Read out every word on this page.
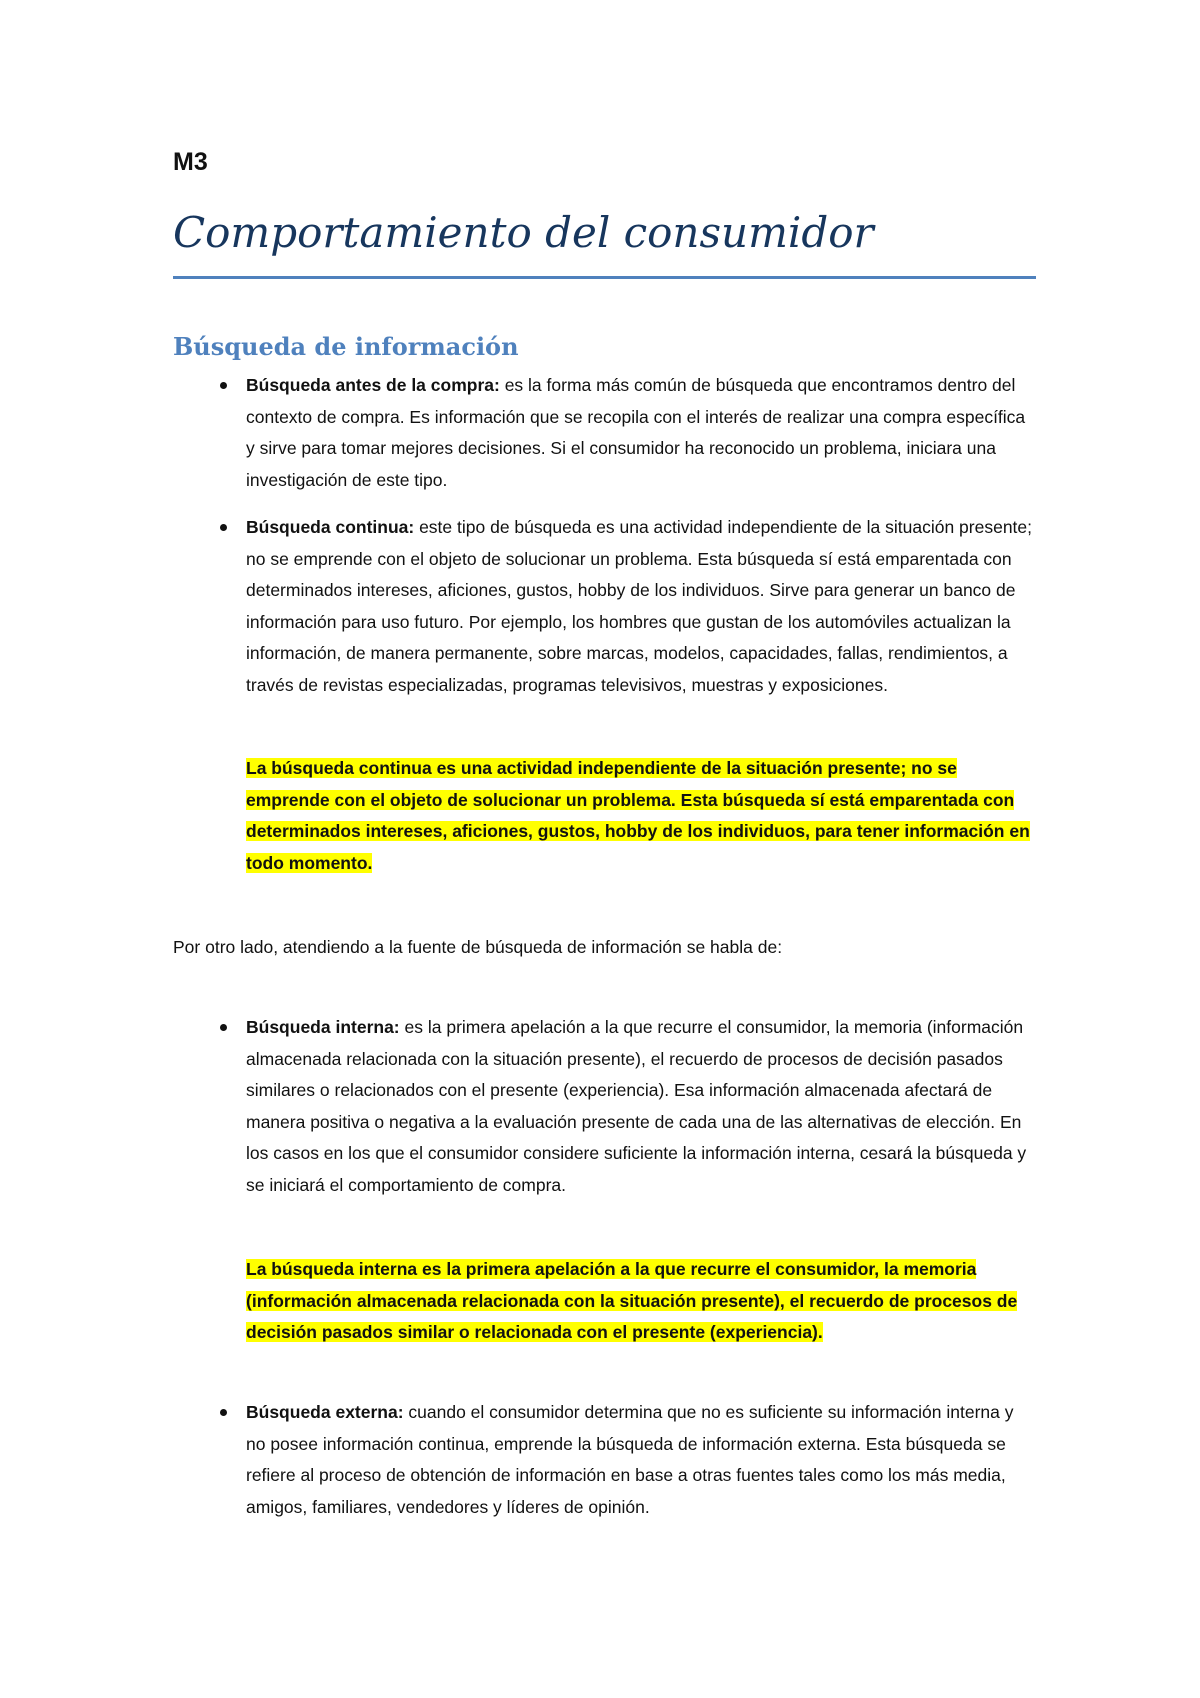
M3
Comportamiento del consumidor
Búsqueda de información
Búsqueda antes de la compra: es la forma más común de búsqueda que encontramos dentro del contexto de compra. Es información que se recopila con el interés de realizar una compra específica y sirve para tomar mejores decisiones. Si el consumidor ha reconocido un problema, iniciara una investigación de este tipo.
Búsqueda continua: este tipo de búsqueda es una actividad independiente de la situación presente; no se emprende con el objeto de solucionar un problema. Esta búsqueda sí está emparentada con determinados intereses, aficiones, gustos, hobby de los individuos. Sirve para generar un banco de información para uso futuro. Por ejemplo, los hombres que gustan de los automóviles actualizan la información, de manera permanente, sobre marcas, modelos, capacidades, fallas, rendimientos, a través de revistas especializadas, programas televisivos, muestras y exposiciones.

La búsqueda continua es una actividad independiente de la situación presente; no se emprende con el objeto de solucionar un problema. Esta búsqueda sí está emparentada con determinados intereses, aficiones, gustos, hobby de los individuos, para tener información en todo momento.

Por otro lado, atendiendo a la fuente de búsqueda de información se habla de:

Búsqueda interna: es la primera apelación a la que recurre el consumidor, la memoria (información almacenada relacionada con la situación presente), el recuerdo de procesos de decisión pasados similares o relacionados con el presente (experiencia). Esa información almacenada afectará de manera positiva o negativa a la evaluación presente de cada una de las alternativas de elección. En los casos en los que el consumidor considere suficiente la información interna, cesará la búsqueda y se iniciará el comportamiento de compra.

La búsqueda interna es la primera apelación a la que recurre el consumidor, la memoria (información almacenada relacionada con la situación presente), el recuerdo de procesos de decisión pasados similar o relacionada con el presente (experiencia).

Búsqueda externa: cuando el consumidor determina que no es suficiente su información interna y no posee información continua, emprende la búsqueda de información externa. Esta búsqueda se refiere al proceso de obtención de información en base a otras fuentes tales como los más media, amigos, familiares, vendedores y líderes de opinión.
